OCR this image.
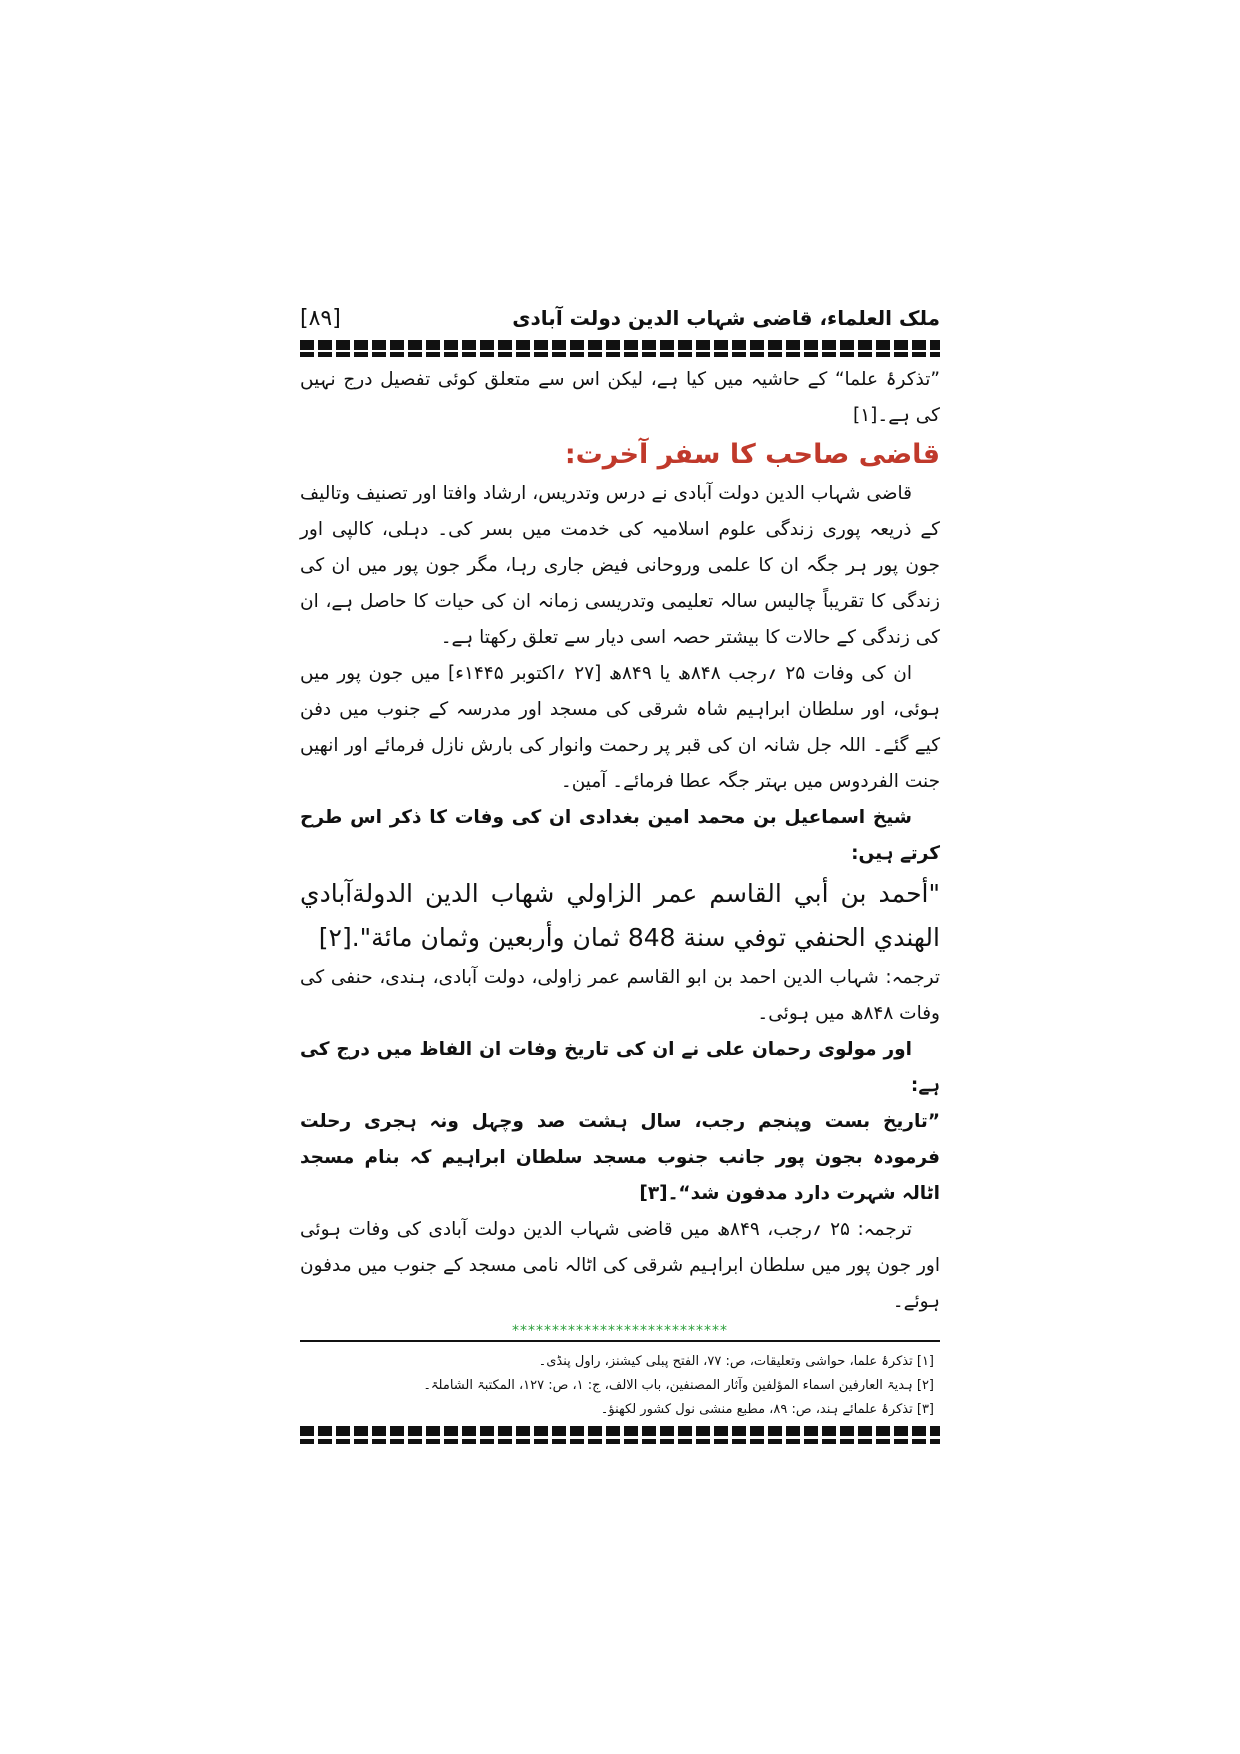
ملک العلماء، قاضی شہاب الدین دولت آبادی
[۸۹]

”تذکرۂ علما“ کے حاشیہ میں کیا ہے، لیکن اس سے متعلق کوئی تفصیل درج نہیں کی ہے۔[۱]

قاضی صاحب کا سفر آخرت:

قاضی شہاب الدین دولت آبادی نے درس وتدریس، ارشاد وافتا اور تصنیف وتالیف کے ذریعہ پوری زندگی علوم اسلامیہ کی خدمت میں بسر کی۔ دہلی، کالپی اور جون پور ہر جگہ ان کا علمی وروحانی فیض جاری رہا، مگر جون پور میں ان کی زندگی کا تقریباً چالیس سالہ تعلیمی وتدریسی زمانہ ان کی حیات کا حاصل ہے، ان کی زندگی کے حالات کا بیشتر حصہ اسی دیار سے تعلق رکھتا ہے۔

ان کی وفات ۲۵ ؍رجب ۸۴۸ھ یا ۸۴۹ھ [۲۷ ؍اکتوبر ۱۴۴۵ء] میں جون پور میں ہوئی، اور سلطان ابراہیم شاہ شرقی کی مسجد اور مدرسہ کے جنوب میں دفن کیے گئے۔ اللہ جل شانہ ان کی قبر پر رحمت وانوار کی بارش نازل فرمائے اور انھیں جنت الفردوس میں بہتر جگہ عطا فرمائے۔ آمین۔

شیخ اسماعیل بن محمد امین بغدادی ان کی وفات کا ذکر اس طرح کرتے ہیں:

"أحمد بن أبي القاسم عمر الزاولي شهاب الدين الدولةآبادي الهندي الحنفي توفي سنة 848 ثمان وأربعين وثمان مائة".[۲]

ترجمہ: شہاب الدین احمد بن ابو القاسم عمر زاولی، دولت آبادی، ہندی، حنفی کی وفات ۸۴۸ھ میں ہوئی۔

اور مولوی رحمان علی نے ان کی تاریخ وفات ان الفاظ میں درج کی ہے:

”تاریخ بست وپنجم رجب، سال ہشت صد وچہل ونہ ہجری رحلت فرمودہ بجون پور جانب جنوب مسجد سلطان ابراہیم کہ بنام مسجد اٹالہ شہرت دارد مدفون شد“۔[۳]

ترجمہ: ۲۵ ؍رجب، ۸۴۹ھ میں قاضی شہاب الدین دولت آبادی کی وفات ہوئی اور جون پور میں سلطان ابراہیم شرقی کی اٹالہ نامی مسجد کے جنوب میں مدفون ہوئے۔

***************************
[۱] تذکرۂ علما، حواشی وتعلیقات، ص: ۷۷، الفتح پبلی کیشنز، راول پنڈی۔
[۲] ہدیۃ العارفین اسماء المؤلفین وآثار المصنفین، باب الالف، ج: ۱، ص: ۱۲۷، المکتبۃ الشاملۃ۔
[۳] تذکرۂ علمائے ہند، ص: ۸۹، مطبع منشی نول کشور لکھنؤ۔
